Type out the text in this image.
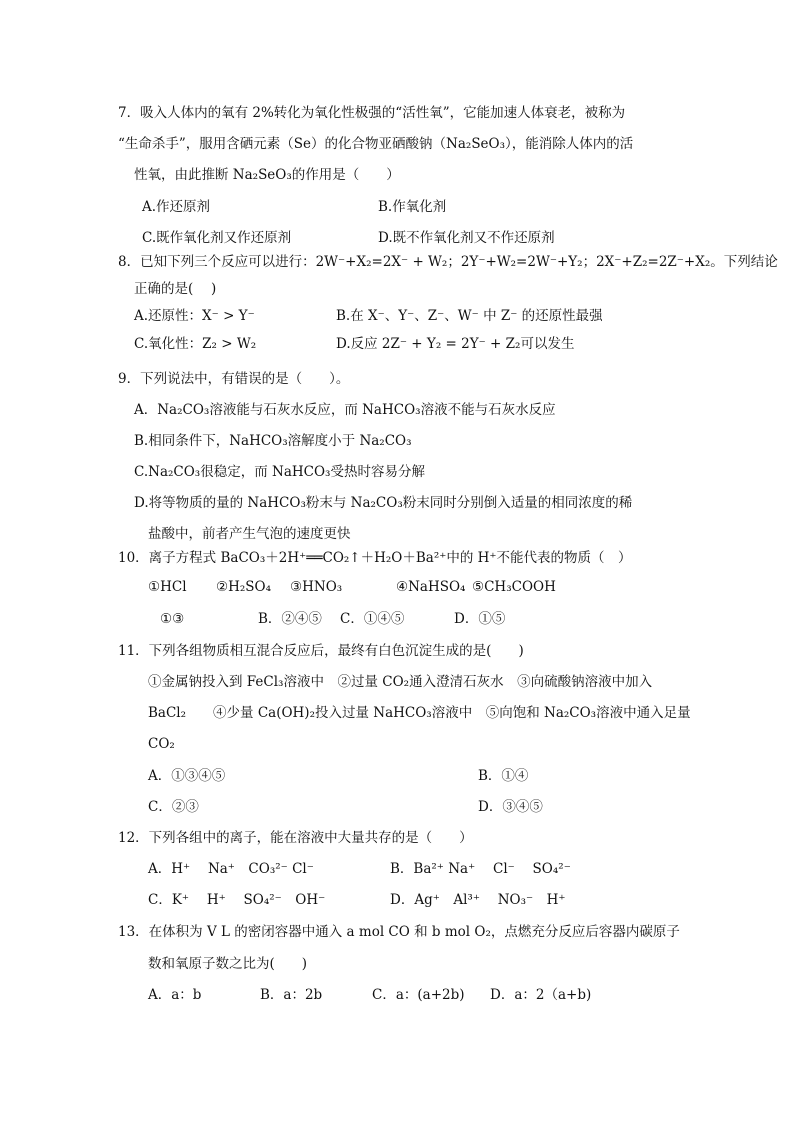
7．吸入人体内的氧有 2%转化为氧化性极强的“活性氧”，它能加速人体衰老，被称为
“生命杀手”，服用含硒元素（Se）的化合物亚硒酸钠（Na₂SeO₃），能消除人体内的活
性氧，由此推断 Na₂SeO₃的作用是（　　）
A.作还原剂	B.作氧化剂
C.既作氧化剂又作还原剂	D.既不作氧化剂又不作还原剂
8．已知下列三个反应可以进行：2W⁻+X₂=2X⁻ + W₂；2Y⁻+W₂=2W⁻+Y₂；2X⁻+Z₂=2Z⁻+X₂。下列结论
正确的是(　 )
A.还原性：X⁻ > Y⁻	B.在 X⁻、Y⁻、Z⁻、W⁻ 中 Z⁻ 的还原性最强
C.氧化性：Z₂ > W₂	D.反应 2Z⁻ + Y₂ = 2Y⁻ + Z₂可以发生
9．下列说法中，有错误的是（　　）。
A．Na₂CO₃溶液能与石灰水反应，而 NaHCO₃溶液不能与石灰水反应
B.相同条件下，NaHCO₃溶解度小于 Na₂CO₃
C.Na₂CO₃很稳定，而 NaHCO₃受热时容易分解
D.将等物质的量的 NaHCO₃粉末与 Na₂CO₃粉末同时分别倒入适量的相同浓度的稀
盐酸中，前者产生气泡的速度更快
10．离子方程式 BaCO₃＋2H⁺══CO₂↑＋H₂O＋Ba²⁺中的 H⁺不能代表的物质（　）
①HCl ②H₂SO₄ ③HNO₃	④NaHSO₄ ⑤CH₃COOH
①③	B．②④⑤ C．①④⑤	D．①⑤
11．下列各组物质相互混合反应后，最终有白色沉淀生成的是(　　)
①金属钠投入到 FeCl₃溶液中　②过量 CO₂通入澄清石灰水　③向硫酸钠溶液中加入
BaCl₂　　④少量 Ca(OH)₂投入过量 NaHCO₃溶液中　⑤向饱和 Na₂CO₃溶液中通入足量
CO₂
A．①③④⑤	B．①④
C．②③	D．③④⑤
12．下列各组中的离子，能在溶液中大量共存的是（　　）
A．H⁺　 Na⁺　CO₃²⁻ Cl⁻	B．Ba²⁺ Na⁺　 Cl⁻　 SO₄²⁻
C．K⁺　 H⁺　 SO₄²⁻　OH⁻	D．Ag⁺　Al³⁺　 NO₃⁻　H⁺
13．在体积为 V L 的密闭容器中通入 a mol CO 和 b mol O₂，点燃充分反应后容器内碳原子
数和氧原子数之比为(　　)
A．a：b	B．a：2b	C．a：(a+2b) D．a：2（a+b)
